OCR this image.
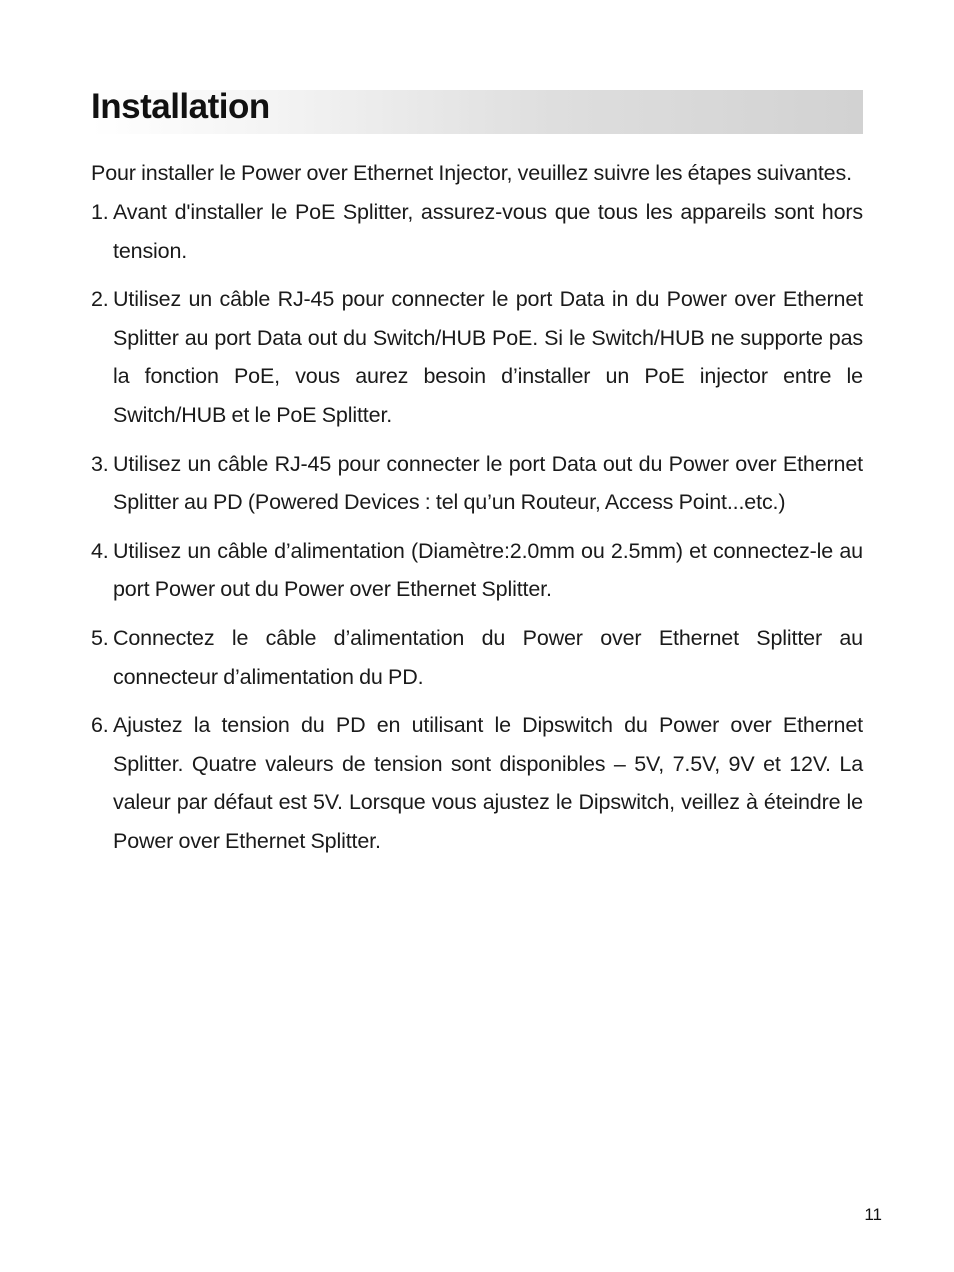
Installation

Pour installer le Power over Ethernet Injector, veuillez suivre les étapes suivantes.

1. Avant d'installer le PoE Splitter, assurez-vous que tous les appareils sont hors tension.
2. Utilisez un câble RJ-45 pour connecter le port Data in du Power over Ethernet Splitter au port Data out du Switch/HUB PoE. Si le Switch/HUB ne supporte pas la fonction PoE, vous aurez besoin d’installer un PoE injector entre le Switch/HUB et le PoE Splitter.
3. Utilisez un câble RJ-45 pour connecter le port Data out du Power over Ethernet Splitter au PD (Powered Devices : tel qu’un Routeur, Access Point...etc.)
4. Utilisez un câble d’alimentation (Diamètre:2.0mm ou 2.5mm) et connectez-le au port Power out du Power over Ethernet Splitter.
5. Connectez le câble d’alimentation du Power over Ethernet Splitter au connecteur d’alimentation du PD.
6. Ajustez la tension du PD en utilisant le Dipswitch du Power over Ethernet Splitter. Quatre valeurs de tension sont disponibles – 5V, 7.5V, 9V et 12V. La valeur par défaut est 5V. Lorsque vous ajustez le Dipswitch, veillez à éteindre le Power over Ethernet Splitter.
11
